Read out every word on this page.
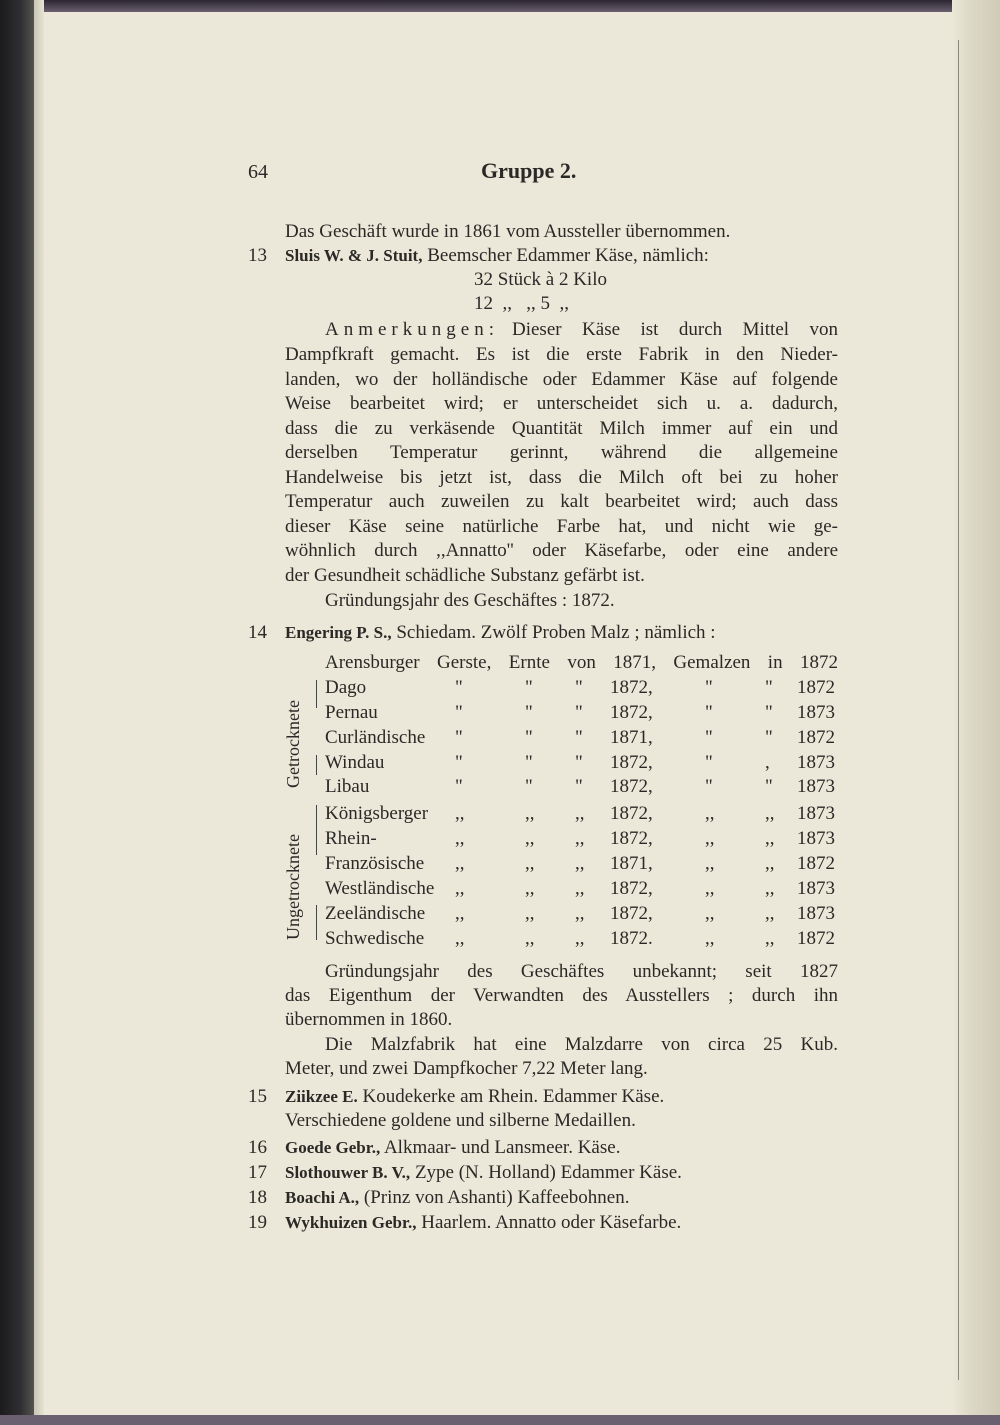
64	Gruppe 2.
Das Geschäft wurde in 1861 vom Aussteller übernommen.
13 Sluis W. & J. Stuit, Beemscher Edammer Käse, nämlich:
32 Stück à 2 Kilo
12  ,,   ,, 5  ,,
Anmerkungen: Dieser Käse ist durch Mittel von
Dampfkraft gemacht. Es ist die erste Fabrik in den Nieder-
landen, wo der holländische oder Edammer Käse auf folgende
Weise bearbeitet wird; er unterscheidet sich u. a. dadurch,
dass die zu verkäsende Quantität Milch immer auf ein und
derselben Temperatur gerinnt, während die allgemeine
Handelweise bis jetzt ist, dass die Milch oft bei zu hoher
Temperatur auch zuweilen zu kalt bearbeitet wird; auch dass
dieser Käse seine natürliche Farbe hat, und nicht wie ge-
wöhnlich durch ,,Annatto'' oder Käsefarbe, oder eine andere
der Gesundheit schädliche Substanz gefärbt ist.
Gründungsjahr des Geschäftes : 1872.
14 Engering P. S., Schiedam. Zwölf Proben Malz ; nämlich :
Arensburger Gerste, Ernte von 1871, Gemalzen in 1872
Getrocknete
Ungetrocknete
Dago	"	" " 1872,	"	" 1872
Pernau	"	" " 1872,	"	" 1873
Curländische "	" " 1871,	"	" 1872
Windau	"	" " 1872,	"	, 1873
Libau	"	" " 1872,	"	" 1873
Königsberger ,,	,, ,, 1872,	,,	,, 1873
Rhein-	,,	,, ,, 1872,	,,	,, 1873
Französische ,,	,, ,, 1871,	,,	,, 1872
Westländische ,,	,, ,, 1872,	,,	,, 1873
Zeeländische ,,	,, ,, 1872,	,,	,, 1873
Schwedische ,,	,, ,, 1872.	,,	,, 1872
Gründungsjahr des Geschäftes unbekannt; seit 1827
das Eigenthum der Verwandten des Ausstellers ; durch ihn
übernommen in 1860.
Die Malzfabrik hat eine Malzdarre von circa 25 Kub.
Meter, und zwei Dampfkocher 7,22 Meter lang.
15 Ziikzee E. Koudekerke am Rhein. Edammer Käse.
Verschiedene goldene und silberne Medaillen.
16 Goede Gebr., Alkmaar- und Lansmeer. Käse.
17 Slothouwer B. V., Zype (N. Holland) Edammer Käse.
18 Boachi A., (Prinz von Ashanti) Kaffeebohnen.
19 Wykhuizen Gebr., Haarlem. Annatto oder Käsefarbe.
